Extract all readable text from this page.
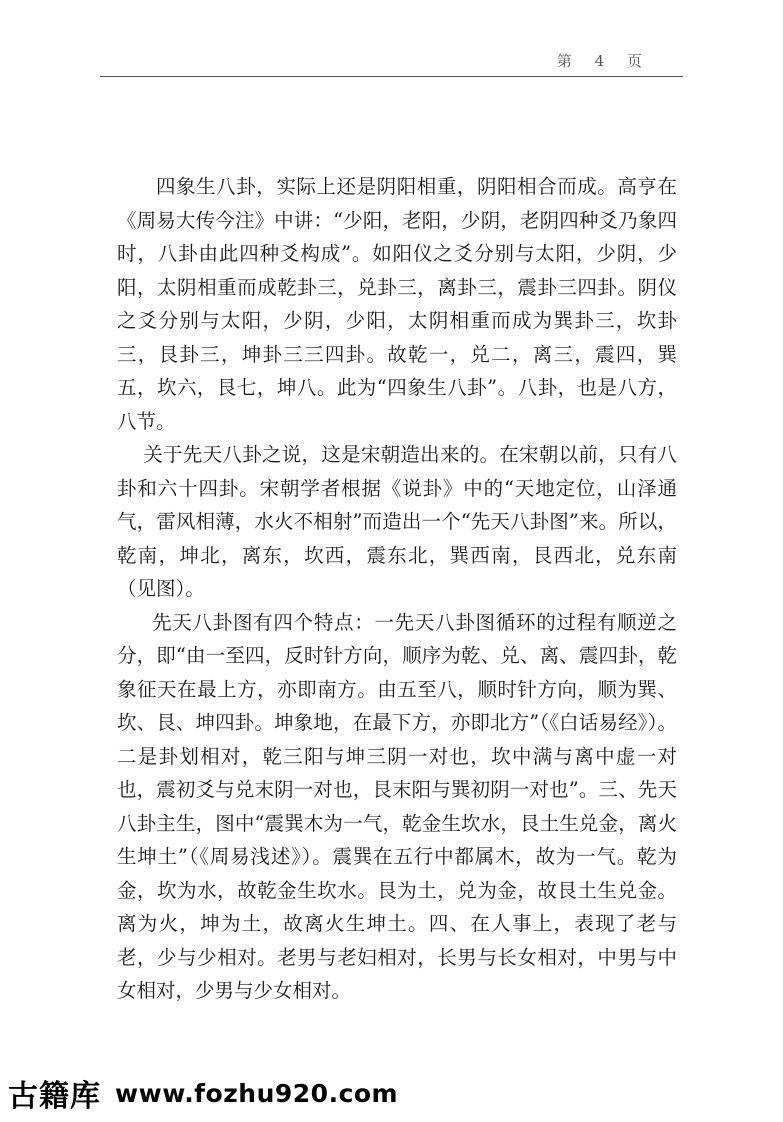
第 4 页

四象生八卦，实际上还是阴阳相重，阴阳相合而成。高亨在《周易大传今注》中讲：“少阳，老阳，少阴，老阴四种爻乃象四时，八卦由此四种爻构成”。如阳仪之爻分别与太阳，少阴，少阳，太阴相重而成乾卦三，兑卦三，离卦三，震卦三四卦。阴仪之爻分别与太阳，少阴，少阳，太阴相重而成为巽卦三，坎卦三，艮卦三，坤卦三三四卦。故乾一，兑二，离三，震四，巽五，坎六，艮七，坤八。此为“四象生八卦”。八卦，也是八方，八节。

关于先天八卦之说，这是宋朝造出来的。在宋朝以前，只有八卦和六十四卦。宋朝学者根据《说卦》中的“天地定位，山泽通气，雷风相薄，水火不相射”而造出一个“先天八卦图”来。所以，乾南，坤北，离东，坎西，震东北，巽西南，艮西北，兑东南（见图）。

先天八卦图有四个特点：一先天八卦图循环的过程有顺逆之分，即“由一至四，反时针方向，顺序为乾、兑、离、震四卦，乾象征天在最上方，亦即南方。由五至八，顺时针方向，顺为巽、坎、艮、坤四卦。坤象地，在最下方，亦即北方”（《白话易经》）。二是卦划相对，乾三阳与坤三阴一对也，坎中满与离中虚一对也，震初爻与兑末阴一对也，艮末阳与巽初阴一对也”。三、先天八卦主生，图中“震巽木为一气，乾金生坎水，艮土生兑金，离火生坤土”（《周易浅述》）。震巽在五行中都属木，故为一气。乾为金，坎为水，故乾金生坎水。艮为土，兑为金，故艮土生兑金。离为火，坤为土，故离火生坤土。四、在人事上，表现了老与老，少与少相对。老男与老妇相对，长男与长女相对，中男与中女相对，少男与少女相对。

古籍库 www.fozhu920.com
